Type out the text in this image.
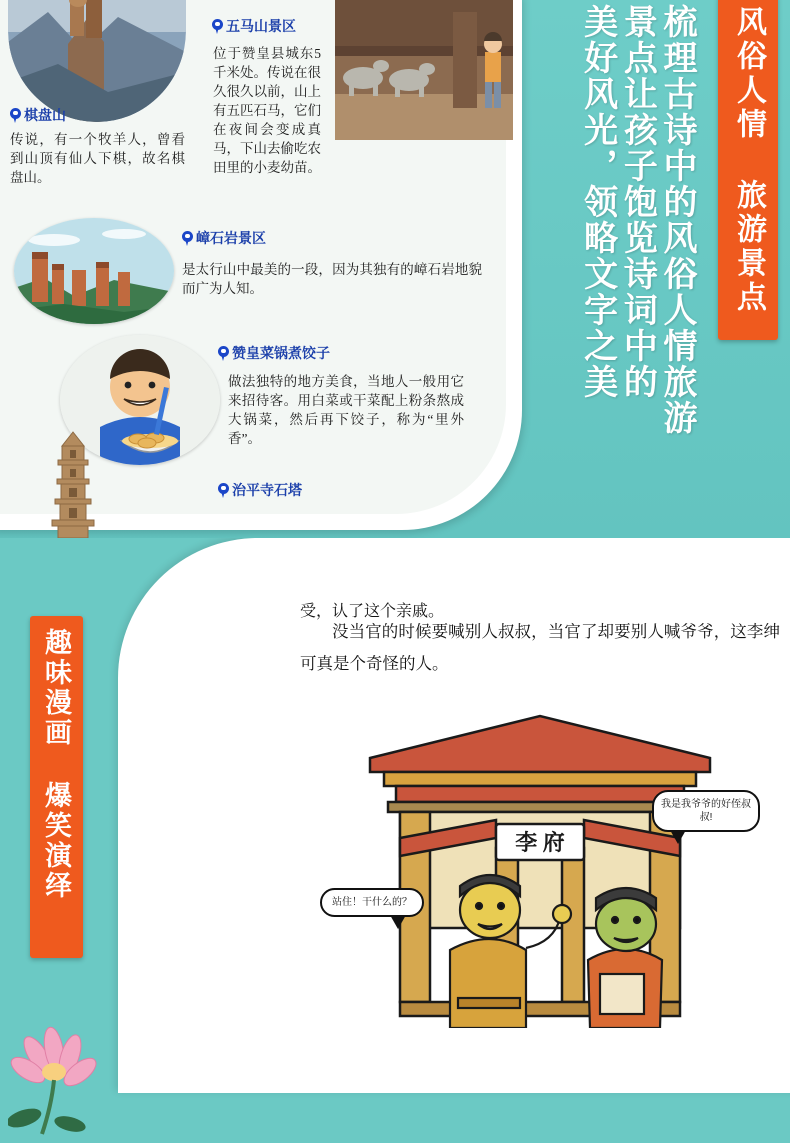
棋盘山
传说，有一个牧羊人，曾看到山顶有仙人下棋，故名棋盘山。
五马山景区
位于赞皇县城东5千米处。传说在很久很久以前，山上有五匹石马，它们在夜间会变成真马，下山去偷吃农田里的小麦幼苗。
嶂石岩景区
是太行山中最美的一段，因为其独有的嶂石岩地貌而广为人知。
赞皇菜锅煮饺子
做法独特的地方美食，当地人一般用它来招待客。用白菜或干菜配上粉条熬成大锅菜，然后再下饺子，称为“里外香”。
治平寺石塔
风俗人情 旅游景点
梳理古诗中的风俗人情旅游
景点让孩子饱览诗词中的
美好风光，领略文字之美
受，认了这个亲戚。
没当官的时候要喊别人叔叔，当官了却要别人喊爷爷，这李绅可真是个奇怪的人。
趣味漫画 爆笑演绎	李 府
站住！干什么的？
我是我爷爷的好侄叔叔!
